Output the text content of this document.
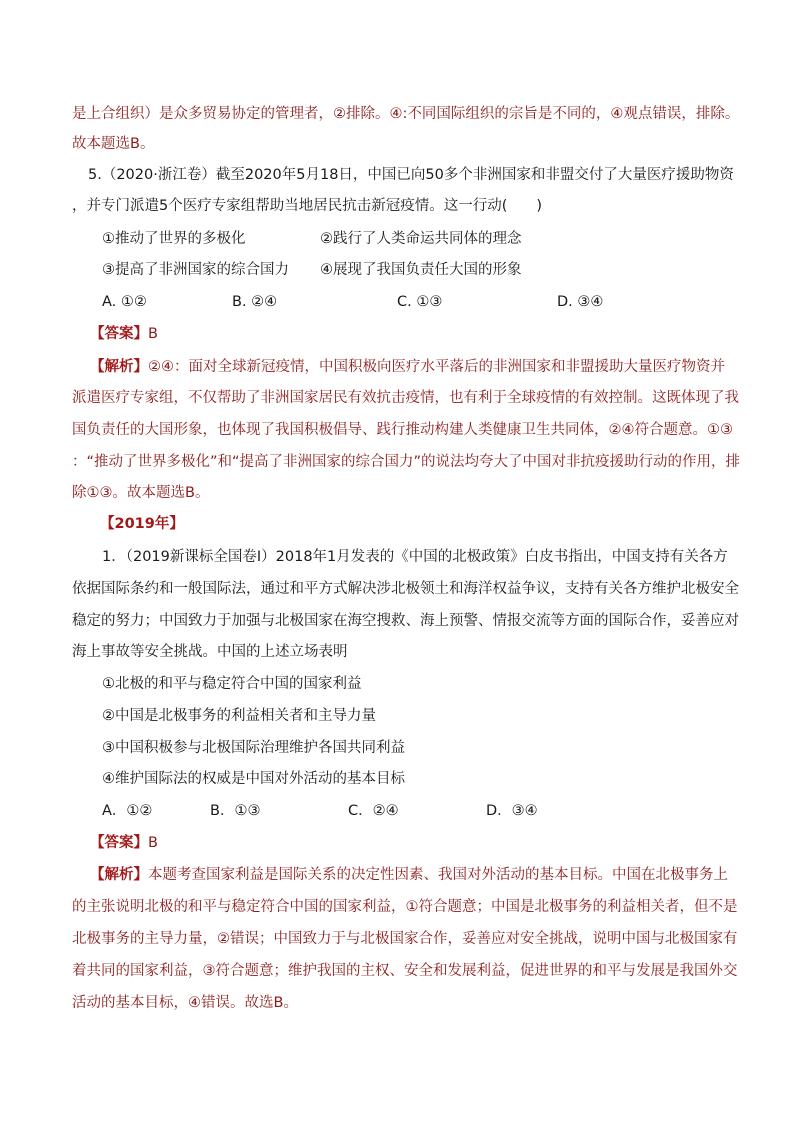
是上合组织）是众多贸易协定的管理者，②排除。④:不同国际组织的宗旨是不同的，④观点错误，排除。
故本题选B。
5.（2020·浙江卷）截至2020年5月18日，中国已向50多个非洲国家和非盟交付了大量医疗援助物资
，并专门派遣5个医疗专家组帮助当地居民抗击新冠疫情。这一行动(　　)
①推动了世界的多极化	②践行了人类命运共同体的理念
③提高了非洲国家的综合国力 ④展现了我国负责任大国的形象
A. ①②	B. ②④	C. ①③	D. ③④
【答案】B
【解析】②④：面对全球新冠疫情，中国积极向医疗水平落后的非洲国家和非盟援助大量医疗物资并
派遣医疗专家组，不仅帮助了非洲国家居民有效抗击疫情，也有利于全球疫情的有效控制。这既体现了我
国负责任的大国形象，也体现了我国积极倡导、践行推动构建人类健康卫生共同体，②④符合题意。①③
：“推动了世界多极化”和“提高了非洲国家的综合国力”的说法均夸大了中国对非抗疫援助行动的作用，排
除①③。故本题选B。
【2019年】
1．（2019新课标全国卷Ⅰ）2018年1月发表的《中国的北极政策》白皮书指出，中国支持有关各方
依据国际条约和一般国际法，通过和平方式解决涉北极领土和海洋权益争议，支持有关各方维护北极安全
稳定的努力；中国致力于加强与北极国家在海空搜救、海上预警、情报交流等方面的国际合作，妥善应对
海上事故等安全挑战。中国的上述立场表明
①北极的和平与稳定符合中国的国家利益
②中国是北极事务的利益相关者和主导力量
③中国积极参与北极国际治理维护各国共同利益
④维护国际法的权威是中国对外活动的基本目标
A．①②	B．①③	C．②④	D．③④
【答案】B
【解析】本题考查国家利益是国际关系的决定性因素、我国对外活动的基本目标。中国在北极事务上
的主张说明北极的和平与稳定符合中国的国家利益，①符合题意；中国是北极事务的利益相关者，但不是
北极事务的主导力量，②错误；中国致力于与北极国家合作，妥善应对安全挑战，说明中国与北极国家有
着共同的国家利益，③符合题意；维护我国的主权、安全和发展利益，促进世界的和平与发展是我国外交
活动的基本目标，④错误。故选B。
